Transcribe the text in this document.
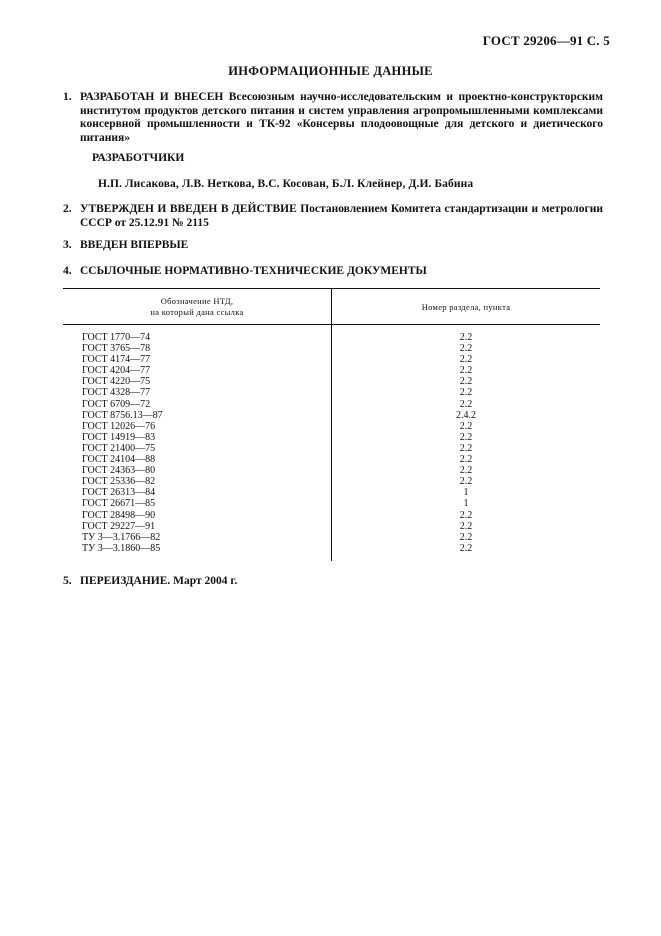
ГОСТ 29206—91 С. 5
ИНФОРМАЦИОННЫЕ ДАННЫЕ
1. РАЗРАБОТАН И ВНЕСЕН Всесоюзным научно-исследовательским и проектно-конструкторским институтом продуктов детского питания и систем управления агропромышленными комплексами консервной промышленности и ТК-92 «Консервы плодоовощные для детского и диетического питания»
РАЗРАБОТЧИКИ
Н.П. Лисакова, Л.В. Неткова, В.С. Косован, Б.Л. Клейнер, Д.И. Бабина
2. УТВЕРЖДЕН И ВВЕДЕН В ДЕЙСТВИЕ Постановлением Комитета стандартизации и метрологии СССР от 25.12.91 № 2115
3. ВВЕДЕН ВПЕРВЫЕ
4. ССЫЛОЧНЫЕ НОРМАТИВНО-ТЕХНИЧЕСКИЕ ДОКУМЕНТЫ
Обозначение НТД,
на который дана ссылка	Номер раздела, пункта
ГОСТ 1770—74	2.2
ГОСТ 3765—78	2.2
ГОСТ 4174—77	2.2
ГОСТ 4204—77	2.2
ГОСТ 4220—75	2.2
ГОСТ 4328—77	2.2
ГОСТ 6709—72	2.2
ГОСТ 8756.13—87	2.4.2
ГОСТ 12026—76	2.2
ГОСТ 14919—83	2.2
ГОСТ 21400—75	2.2
ГОСТ 24104—88	2.2
ГОСТ 24363—80	2.2
ГОСТ 25336—82	2.2
ГОСТ 26313—84	1
ГОСТ 26671—85	1
ГОСТ 28498—90	2.2
ГОСТ 29227—91	2.2
ТУ 3—3.1766—82	2.2
ТУ 3—3.1860—85	2.2
5. ПЕРЕИЗДАНИЕ. Март 2004 г.
